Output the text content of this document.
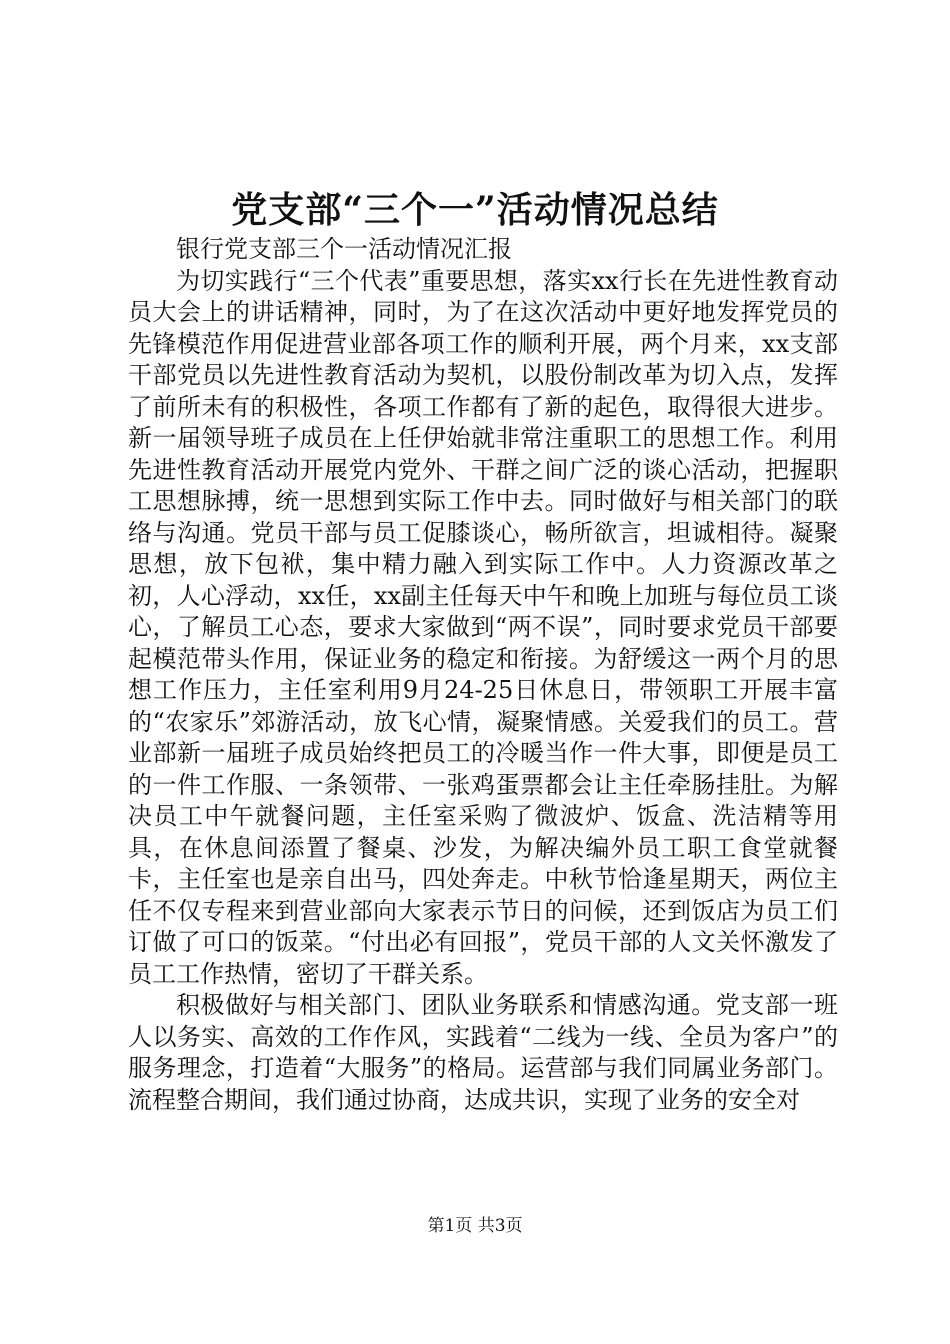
党支部“三个一”活动情况总结

银行党支部三个一活动情况汇报

为切实践行“三个代表”重要思想，落实xx行长在先进性教育动员大会上的讲话精神，同时，为了在这次活动中更好地发挥党员的先锋模范作用促进营业部各项工作的顺利开展，两个月来，xx支部干部党员以先进性教育活动为契机，以股份制改革为切入点，发挥了前所未有的积极性，各项工作都有了新的起色，取得很大进步。新一届领导班子成员在上任伊始就非常注重职工的思想工作。利用先进性教育活动开展党内党外、干群之间广泛的谈心活动，把握职工思想脉搏，统一思想到实际工作中去。同时做好与相关部门的联络与沟通。党员干部与员工促膝谈心，畅所欲言，坦诚相待。凝聚思想，放下包袱，集中精力融入到实际工作中。人力资源改革之初，人心浮动，xx任，xx副主任每天中午和晚上加班与每位员工谈心，了解员工心态，要求大家做到“两不误”，同时要求党员干部要起模范带头作用，保证业务的稳定和衔接。为舒缓这一两个月的思想工作压力，主任室利用9月24-25日休息日，带领职工开展丰富的“农家乐”郊游活动，放飞心情，凝聚情感。关爱我们的员工。营业部新一届班子成员始终把员工的冷暖当作一件大事，即便是员工的一件工作服、一条领带、一张鸡蛋票都会让主任牵肠挂肚。为解决员工中午就餐问题，主任室采购了微波炉、饭盒、洗洁精等用具，在休息间添置了餐桌、沙发，为解决编外员工职工食堂就餐卡，主任室也是亲自出马，四处奔走。中秋节恰逢星期天，两位主任不仅专程来到营业部向大家表示节日的问候，还到饭店为员工们订做了可口的饭菜。“付出必有回报”，党员干部的人文关怀激发了员工工作热情，密切了干群关系。

积极做好与相关部门、团队业务联系和情感沟通。党支部一班人以务实、高效的工作作风，实践着“二线为一线、全员为客户”的服务理念，打造着“大服务”的格局。运营部与我们同属业务部门。流程整合期间，我们通过协商，达成共识，实现了业务的安全对

第1页 共3页
